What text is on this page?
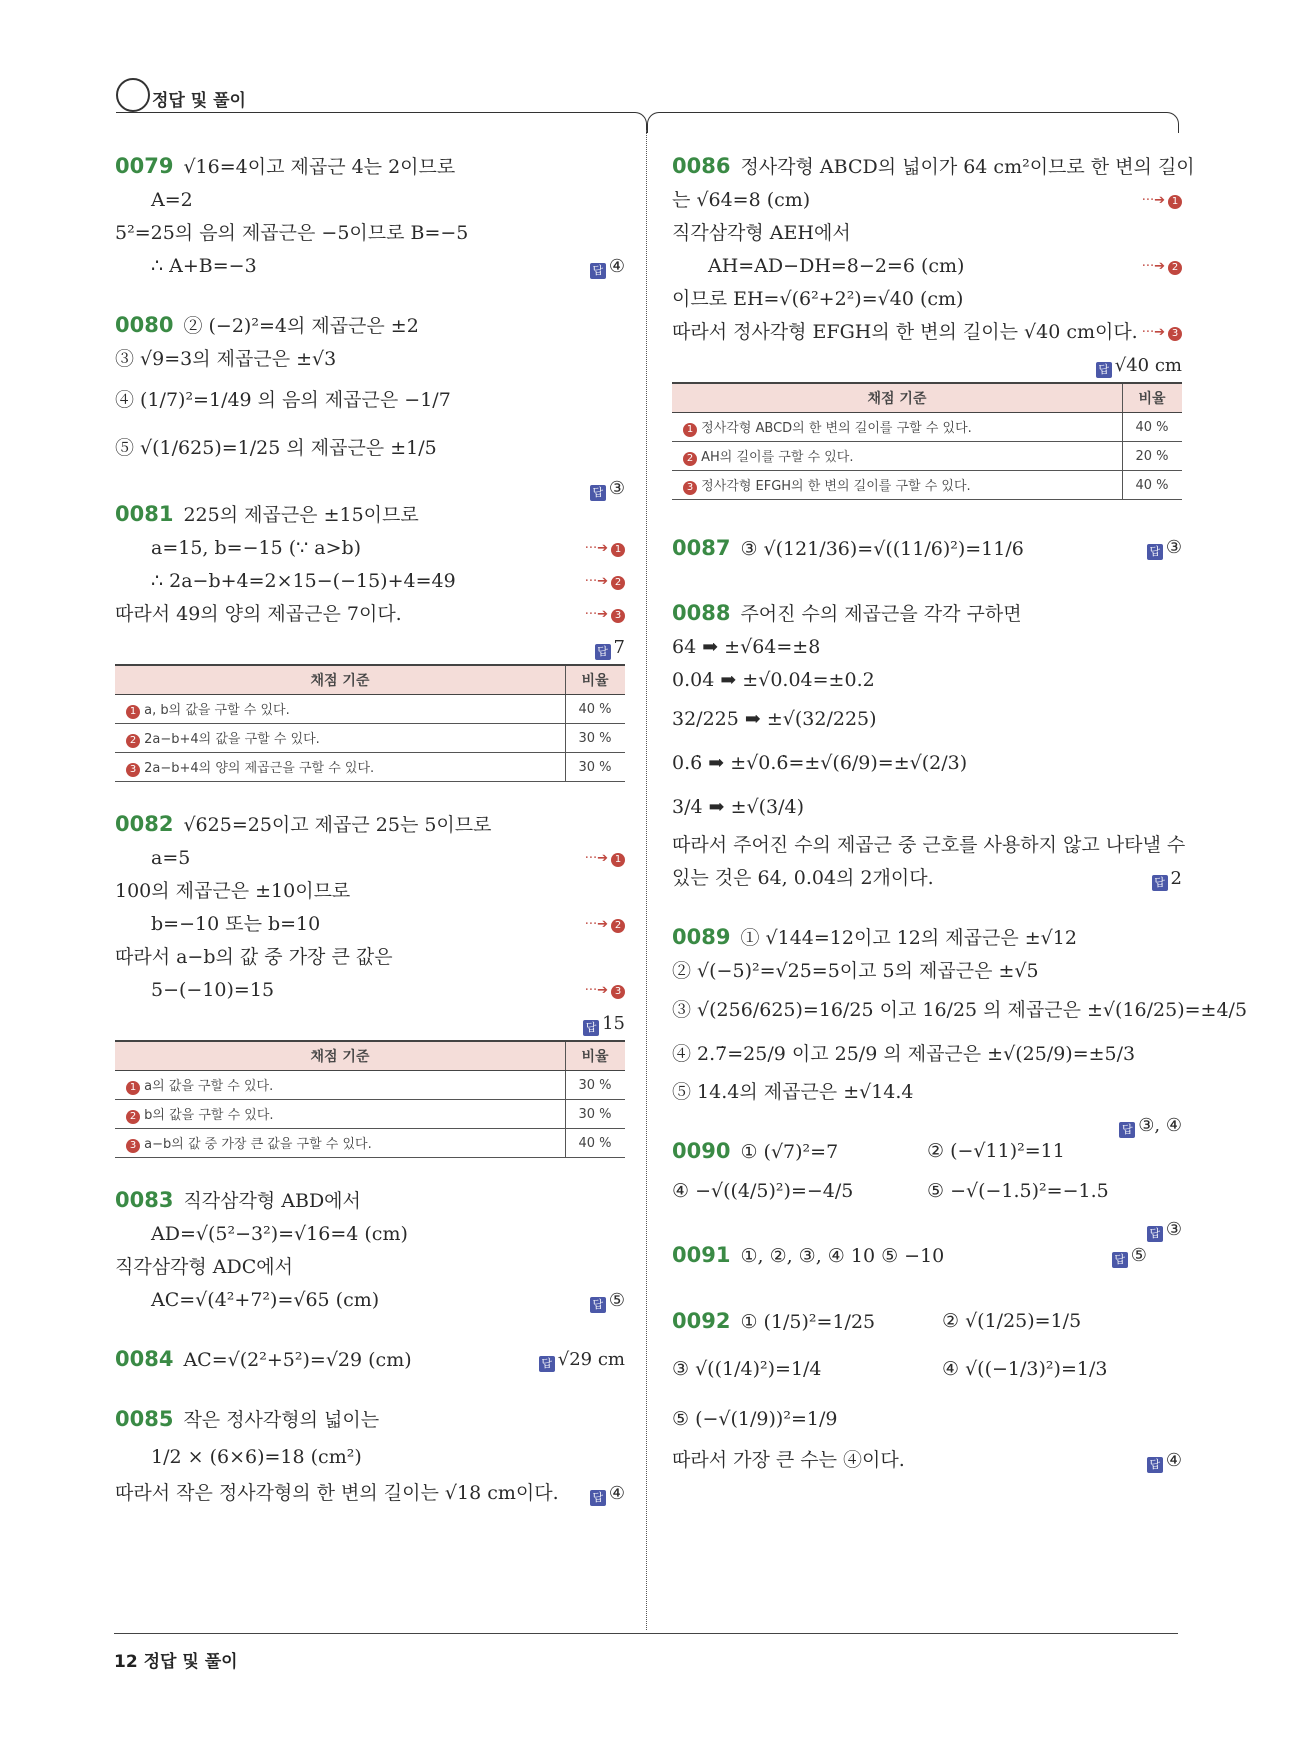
정답 및 풀이
0079 √16=4이고 제곱근 4는 2이므로
A=2
5²=25의 음의 제곱근은 −5이므로 B=−5
∴ A+B=−3	답 ④
0080 ② (−2)²=4의 제곱근은 ±2
③ √9=3의 제곱근은 ±√3
④ (1/7)²=1/49 의 음의 제곱근은 −1/7
⑤ √(1/625)=1/25 의 제곱근은 ±1/5
답 ③
0081 225의 제곱근은 ±15이므로
a=15, b=−15 (∵ a>b)	···➔ 1
∴ 2a−b+4=2×15−(−15)+4=49	···➔ 2
따라서 49의 양의 제곱근은 7이다.	···➔ 3
답 7
채점 기준	비율
1 a, b의 값을 구할 수 있다.	40 %
2 2a−b+4의 값을 구할 수 있다.	30 %
3 2a−b+4의 양의 제곱근을 구할 수 있다.	30 %
0082 √625=25이고 제곱근 25는 5이므로
a=5	···➔ 1
100의 제곱근은 ±10이므로
b=−10 또는 b=10	···➔ 2
따라서 a−b의 값 중 가장 큰 값은
5−(−10)=15	···➔ 3
답 15
채점 기준	비율
1 a의 값을 구할 수 있다.	30 %
2 b의 값을 구할 수 있다.	30 %
3 a−b의 값 중 가장 큰 값을 구할 수 있다.	40 %
0083 직각삼각형 ABD에서
AD=√(5²−3²)=√16=4 (cm)
직각삼각형 ADC에서
AC=√(4²+7²)=√65 (cm)	답 ⑤
0084 AC=√(2²+5²)=√29 (cm)	답 √29 cm
0085 작은 정사각형의 넓이는
1/2 × (6×6)=18 (cm²)
따라서 작은 정사각형의 한 변의 길이는 √18 cm이다.	답 ④
0086 정사각형 ABCD의 넓이가 64 cm²이므로 한 변의 길이
는 √64=8 (cm)	···➔ 1
직각삼각형 AEH에서
AH=AD−DH=8−2=6 (cm)	···➔ 2
이므로 EH=√(6²+2²)=√40 (cm)
따라서 정사각형 EFGH의 한 변의 길이는 √40 cm이다. ···➔ 3
답 √40 cm
채점 기준	비율
1 정사각형 ABCD의 한 변의 길이를 구할 수 있다.	40 %
2 AH의 길이를 구할 수 있다.	20 %
3 정사각형 EFGH의 한 변의 길이를 구할 수 있다.	40 %
0087 ③ √(121/36)=√((11/6)²)=11/6	답 ③
0088 주어진 수의 제곱근을 각각 구하면
64 ➡ ±√64=±8
0.04 ➡ ±√0.04=±0.2
32/225 ➡ ±√(32/225)
0.6̇ ➡ ±√0.6̇=±√(6/9)=±√(2/3)
3/4 ➡ ±√(3/4)
따라서 주어진 수의 제곱근 중 근호를 사용하지 않고 나타낼 수
있는 것은 64, 0.04의 2개이다.	답 2
0089 ① √144=12이고 12의 제곱근은 ±√12
② √(−5)²=√25=5이고 5의 제곱근은 ±√5
③ √(256/625)=16/25 이고 16/25 의 제곱근은 ±√(16/25)=±4/5
④ 2.7̇=25/9 이고 25/9 의 제곱근은 ±√(25/9)=±5/3
⑤ 14.4의 제곱근은 ±√14.4
답 ③, ④
0090 ① (√7)²=7	② (−√11)²=11
④ −√((4/5)²)=−4/5	⑤ −√(−1.5)²=−1.5
답 ③
0091 ①, ②, ③, ④ 10 ⑤ −10	답 ⑤
0092 ① (1/5)²=1/25	② √(1/25)=1/5
③ √((1/4)²)=1/4	④ √((−1/3)²)=1/3
⑤ (−√(1/9))²=1/9
따라서 가장 큰 수는 ④이다.	답 ④
12 정답 및 풀이
